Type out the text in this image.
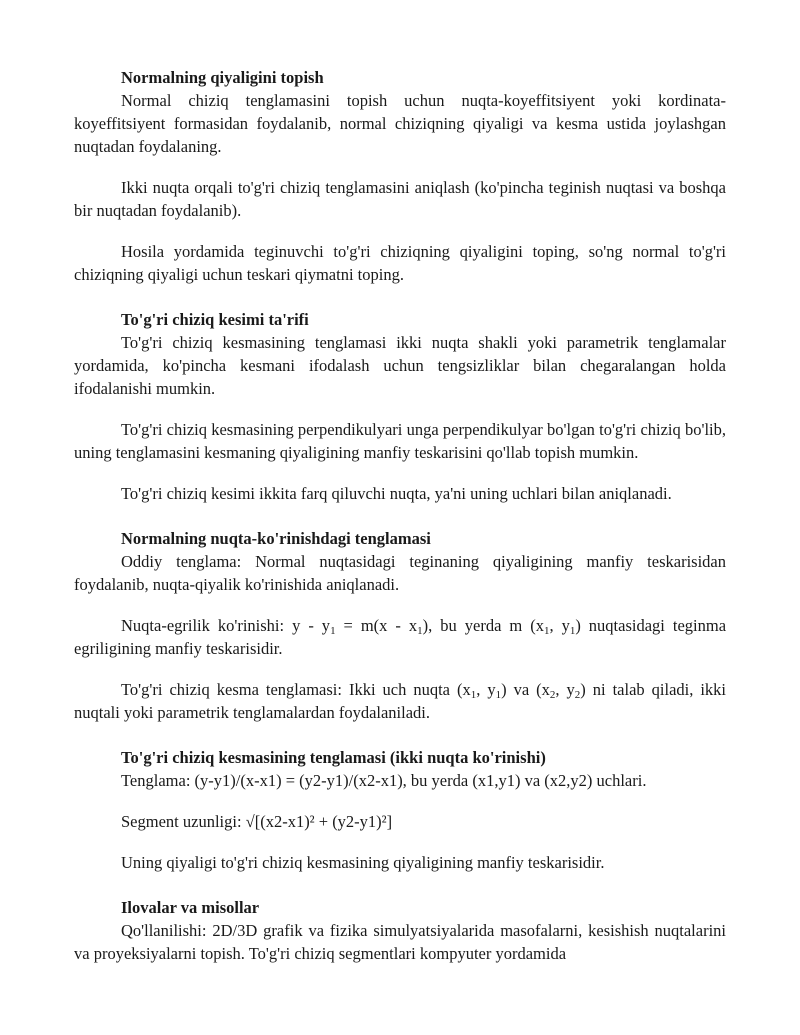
Normalning qiyaligini topish

Normal chiziq tenglamasini topish uchun nuqta-koyeffitsiyent yoki kordinata-koyeffitsiyent formasidan foydalanib, normal chiziqning qiyaligi va kesma ustida joylashgan nuqtadan foydalaning.

Ikki nuqta orqali to'g'ri chiziq tenglamasini aniqlash (ko'pincha teginish nuqtasi va boshqa bir nuqtadan foydalanib).

Hosila yordamida teginuvchi to'g'ri chiziqning qiyaligini toping, so'ng normal to'g'ri chiziqning qiyaligi uchun teskari qiymatni toping.

To'g'ri chiziq kesimi ta'rifi

To'g'ri chiziq kesmasining tenglamasi ikki nuqta shakli yoki parametrik tenglamalar yordamida, ko'pincha kesmani ifodalash uchun tengsizliklar bilan chegaralangan holda ifodalanishi mumkin.

To'g'ri chiziq kesmasining perpendikulyari unga perpendikulyar bo'lgan to'g'ri chiziq bo'lib, uning tenglamasini kesmaning qiyaligining manfiy teskarisini qo'llab topish mumkin.

To'g'ri chiziq kesimi ikkita farq qiluvchi nuqta, ya'ni uning uchlari bilan aniqlanadi.

Normalning nuqta-ko'rinishdagi tenglamasi

Oddiy tenglama: Normal nuqtasidagi teginaning qiyaligining manfiy teskarisidan foydalanib, nuqta-qiyalik ko'rinishida aniqlanadi.

Nuqta-egrilik ko'rinishi: $y - y_1 = m(x - x_1)$, bu yerda m ($x_1$, $y_1$) nuqtasidagi teginma egriligining manfiy teskarisidir.

To'g'ri chiziq kesma tenglamasi: Ikki uch nuqta ($x_1$, $y_1$) va ($x_2$, $y_2$) ni talab qiladi, ikki nuqtali yoki parametrik tenglamalardan foydalaniladi.

To'g'ri chiziq kesmasining tenglamasi (ikki nuqta ko'rinishi)

Tenglama: (y-y1)/(x-x1) = (y2-y1)/(x2-x1), bu yerda (x1,y1) va (x2,y2) uchlari.

Segment uzunligi: √[(x2-x1)² + (y2-y1)²]

Uning qiyaligi to'g'ri chiziq kesmasining qiyaligining manfiy teskarisidir.

Ilovalar va misollar

Qo'llanilishi: 2D/3D grafik va fizika simulyatsiyalarida masofalarni, kesishish nuqtalarini va proyeksiyalarni topish. To'g'ri chiziq segmentlari kompyuter yordamida
